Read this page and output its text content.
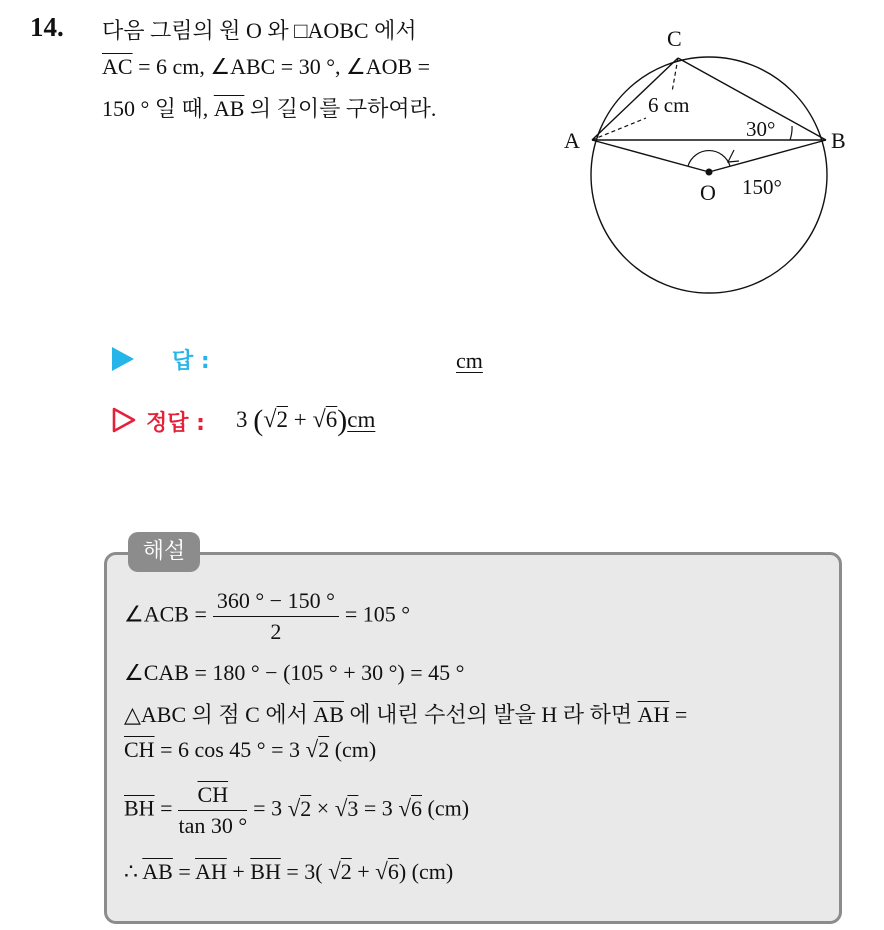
14. 다음 그림의 원 O 와 □AOBC 에서
$\overline{AC} = 6$ cm, ∠ABC = 30 °, ∠AOB =
150 ° 일 때, $\overline{AB}$ 의 길이를 구하여라.
C
A	B
O
6 cm
30°
150°
답 :	cm
정답 : 3 (√2 + √6)cm
해설
∠ACB = $\frac{360 ^\circ - 150 ^\circ}{2} = 105$ °
∠CAB = 180 ° − (105 ° + 30 °) = 45 °
△ABC 의 점 C 에서 $\overline{AB}$ 에 내린 수선의 발을 H 라 하면 $\overline{AH}$ =
$\overline{CH} = 6$ cos 45 ° = 3 √2 (cm)
$\overline{BH} = \frac{\overline{CH}}{\tan 30 ^\circ} = 3$ √2 × √3 = 3 √6 (cm)
∴ $\overline{AB} = \overline{AH} + \overline{BH} = 3$( √2 + √6) (cm)
